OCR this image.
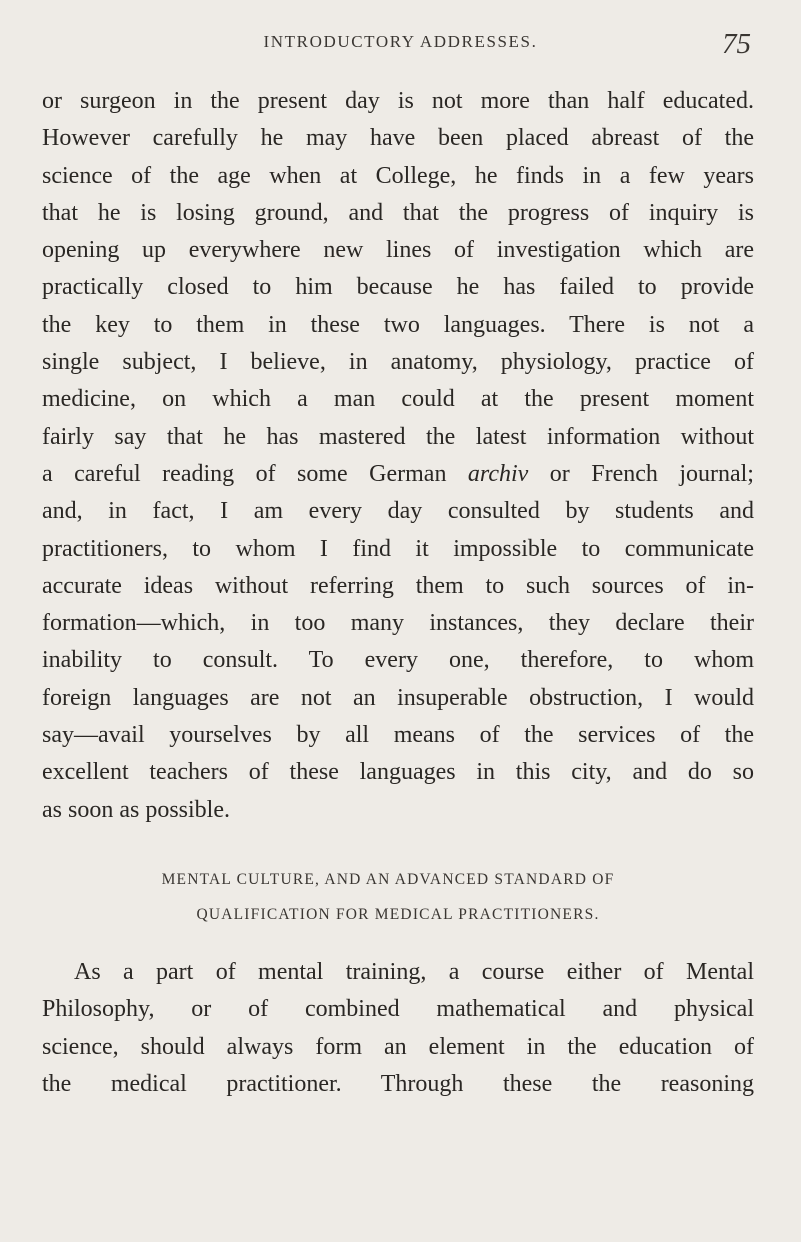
INTRODUCTORY ADDRESSES.	75
or surgeon in the present day is not more than half educated.
However carefully he may have been placed abreast of the
science of the age when at College, he finds in a few years
that he is losing ground, and that the progress of inquiry is
opening up everywhere new lines of investigation which are
practically closed to him because he has failed to provide
the key to them in these two languages. There is not a
single subject, I believe, in anatomy, physiology, practice of
medicine, on which a man could at the present moment
fairly say that he has mastered the latest information without
a careful reading of some German archiv or French journal;
and, in fact, I am every day consulted by students and
practitioners, to whom I find it impossible to communicate
accurate ideas without referring them to such sources of in-
formation—which, in too many instances, they declare their
inability to consult. To every one, therefore, to whom
foreign languages are not an insuperable obstruction, I would
say—avail yourselves by all means of the services of the
excellent teachers of these languages in this city, and do so
as soon as possible.
MENTAL CULTURE, AND AN ADVANCED STANDARD OF
QUALIFICATION FOR MEDICAL PRACTITIONERS.
As a part of mental training, a course either of Mental
Philosophy, or of combined mathematical and physical
science, should always form an element in the education of
the medical practitioner. Through these the reasoning
